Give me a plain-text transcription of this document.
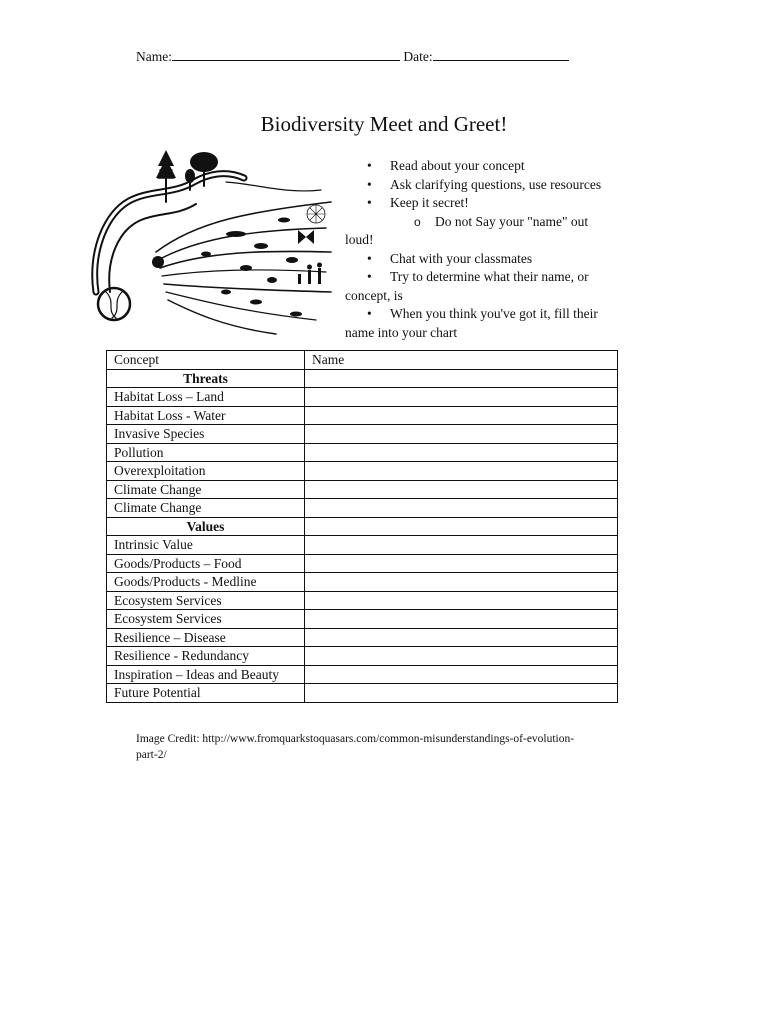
Name:	Date:
Biodiversity Meet and Greet!
• Read about your concept
• Ask clarifying questions, use resources
• Keep it secret!
o Do not Say your "name" out
loud!
• Chat with your classmates
• Try to determine what their name, or
concept, is
• When you think you've got it, fill their
name into your chart
Concept	Name
Threats	
Habitat Loss – Land	
Habitat Loss - Water	
Invasive Species	
Pollution	
Overexploitation	
Climate Change	
Climate Change	
Values	
Intrinsic Value	
Goods/Products – Food	
Goods/Products - Medline	
Ecosystem Services	
Ecosystem Services	
Resilience – Disease	
Resilience - Redundancy	
Inspiration – Ideas and Beauty	
Future Potential	
Image Credit: http://www.fromquarkstoquasars.com/common-misunderstandings-of-evolution-
part-2/
